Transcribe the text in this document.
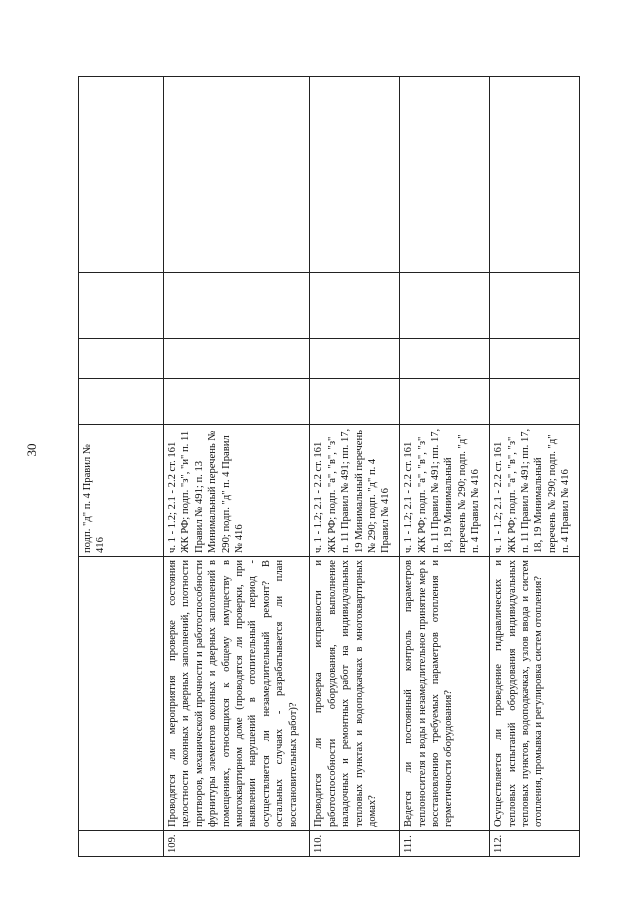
30
			подп. "д" п. 4 Правил № 416				
109.	Проводятся ли мероприятия проверке состояния целостности оконных и дверных заполнений, плотности притворов, механической прочности и работоспособности фурнитуры элементов оконных и дверных заполнений в помещениях, относящихся к общему имуществу в многоквартирном доме (проводятся ли проверки, при выявлении нарушений в отопительный период - осуществляется ли незамедлительный ремонт? В остальных случаях - разрабатывается ли план восстановительных работ)?	ч. 1 - 1.2; 2.1 - 2.2 ст. 161 ЖК РФ; подп. "з", "и" п. 11 Правил № 491; п. 13 Минимальный перечень № 290; подп. "д" п. 4 Правил № 416				
110.	Проводится ли проверка исправности и работоспособности оборудования, выполнение наладочных и ремонтных работ на индивидуальных тепловых пунктах и водоподкачках в многоквартирных домах?	ч. 1 - 1.2; 2.1 - 2.2 ст. 161 ЖК РФ; подп. "а", "в", "з" п. 11 Правил № 491; пп. 17, 19 Минимальный перечень № 290; подп. "д" п. 4 Правил № 416				
111.	Ведется ли постоянный контроль параметров теплоносителя и воды и незамедлительное принятие мер к восстановлению требуемых параметров отопления и герметичности оборудования?	ч. 1 - 1.2; 2.1 - 2.2 ст. 161 ЖК РФ; подп. "а", "в", "з" п. 11 Правил № 491; пп. 17, 18, 19 Минимальный перечень № 290; подп. "д" п. 4 Правил № 416				
112.	Осуществляется ли проведение гидравлических и тепловых испытаний оборудования индивидуальных тепловых пунктов, водоподкачках, узлов ввода и систем отопления, промывка и регулировка систем отопления?	ч. 1 - 1.2; 2.1 - 2.2 ст. 161 ЖК РФ; подп. "а", "в", "з" п. 11 Правил № 491; пп. 17, 18, 19 Минимальный перечень № 290; подп. "д" п. 4 Правил № 416				
